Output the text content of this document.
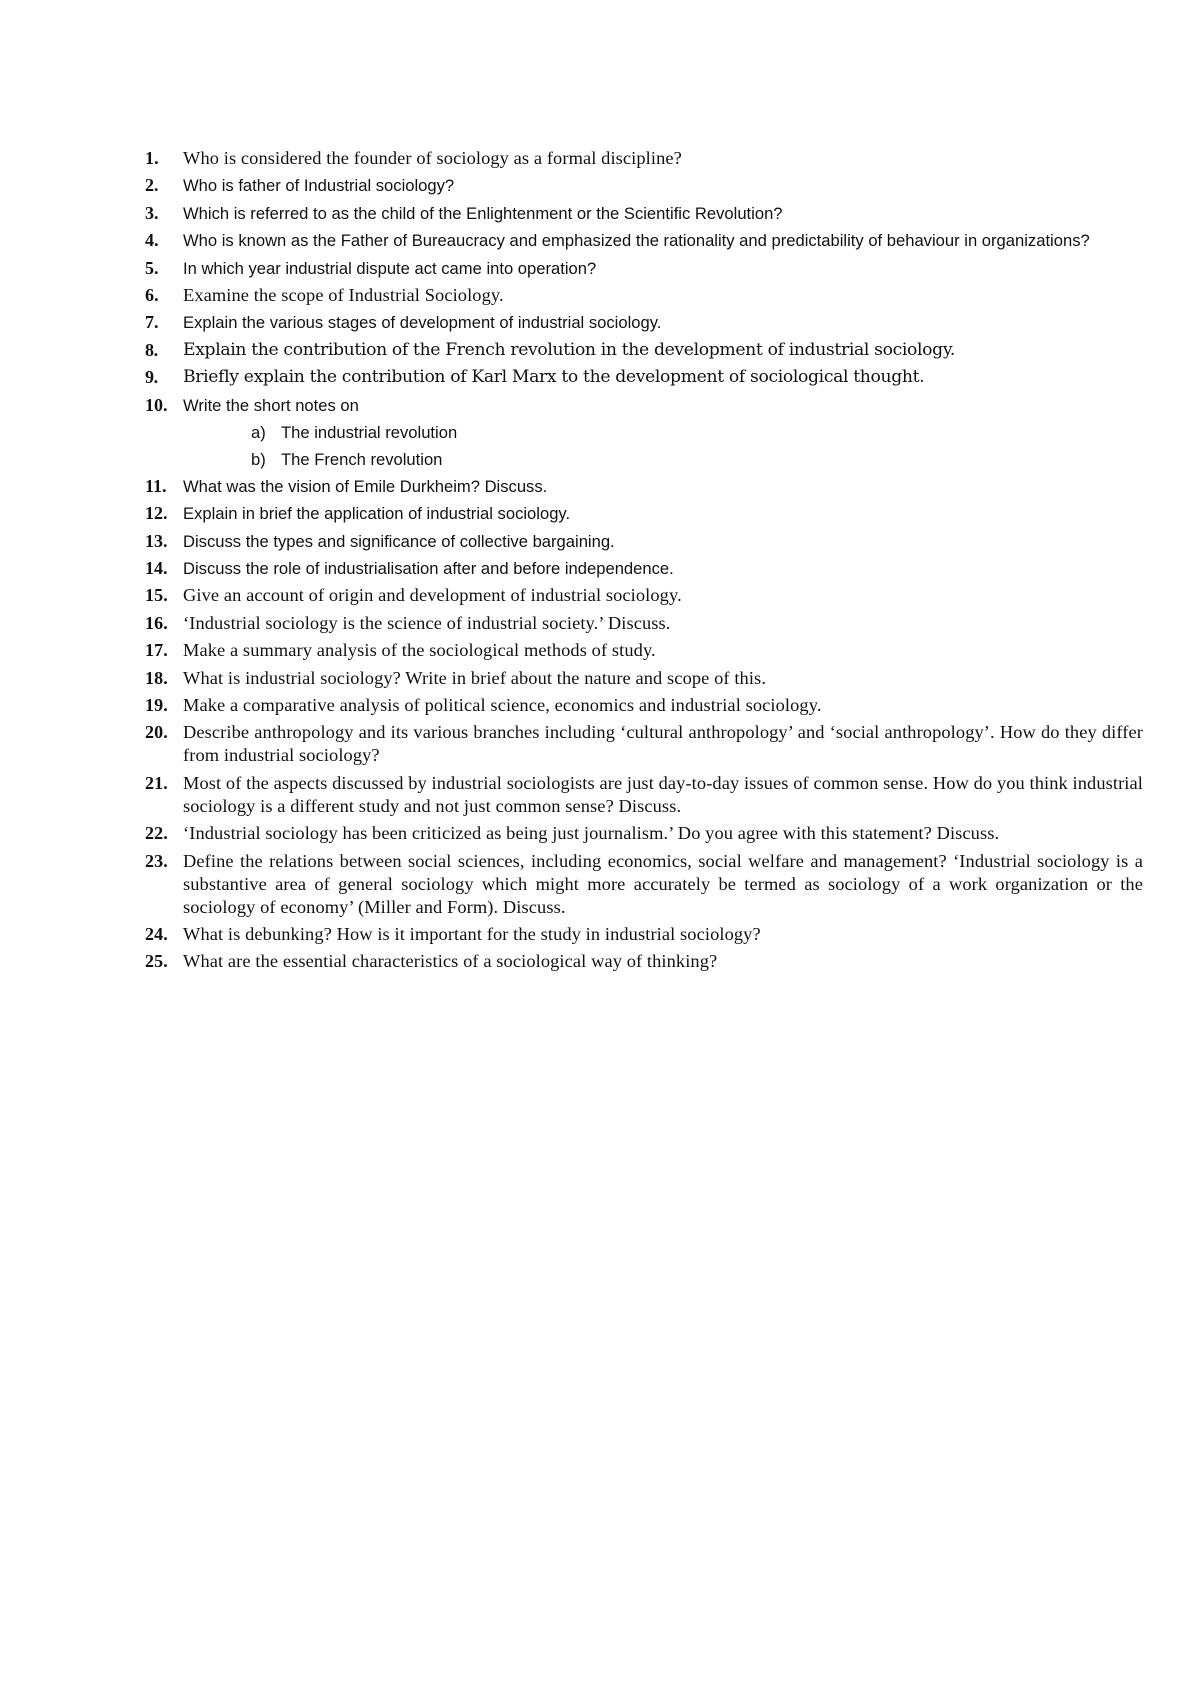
1. Who is considered the founder of sociology as a formal discipline?
2. Who is father of Industrial sociology?
3. Which is referred to as the child of the Enlightenment or the Scientific Revolution?
4. Who is known as the Father of Bureaucracy and emphasized the rationality and predictability of behaviour in organizations?
5. In which year industrial dispute act came into operation?
6. Examine the scope of Industrial Sociology.
7. Explain the various stages of development of industrial sociology.
8. Explain the contribution of the French revolution in the development of industrial sociology.
9. Briefly explain the contribution of Karl Marx to the development of sociological thought.
10. Write the short notes on
a) The industrial revolution
b) The French revolution
11. What was the vision of Emile Durkheim? Discuss.
12. Explain in brief the application of industrial sociology.
13. Discuss the types and significance of collective bargaining.
14. Discuss the role of industrialisation after and before independence.
15. Give an account of origin and development of industrial sociology.
16. ‘Industrial sociology is the science of industrial society.’ Discuss.
17. Make a summary analysis of the sociological methods of study.
18. What is industrial sociology? Write in brief about the nature and scope of this.
19. Make a comparative analysis of political science, economics and industrial sociology.
20. Describe anthropology and its various branches including ‘cultural anthropology’ and ‘social anthropology’. How do they differ from industrial sociology?
21. Most of the aspects discussed by industrial sociologists are just day-to-day issues of common sense. How do you think industrial sociology is a different study and not just common sense? Discuss.
22. ‘Industrial sociology has been criticized as being just journalism.’ Do you agree with this statement? Discuss.
23. Define the relations between social sciences, including economics, social welfare and management? ‘Industrial sociology is a substantive area of general sociology which might more accurately be termed as sociology of a work organization or the sociology of economy’ (Miller and Form). Discuss.
24. What is debunking? How is it important for the study in industrial sociology?
25. What are the essential characteristics of a sociological way of thinking?
